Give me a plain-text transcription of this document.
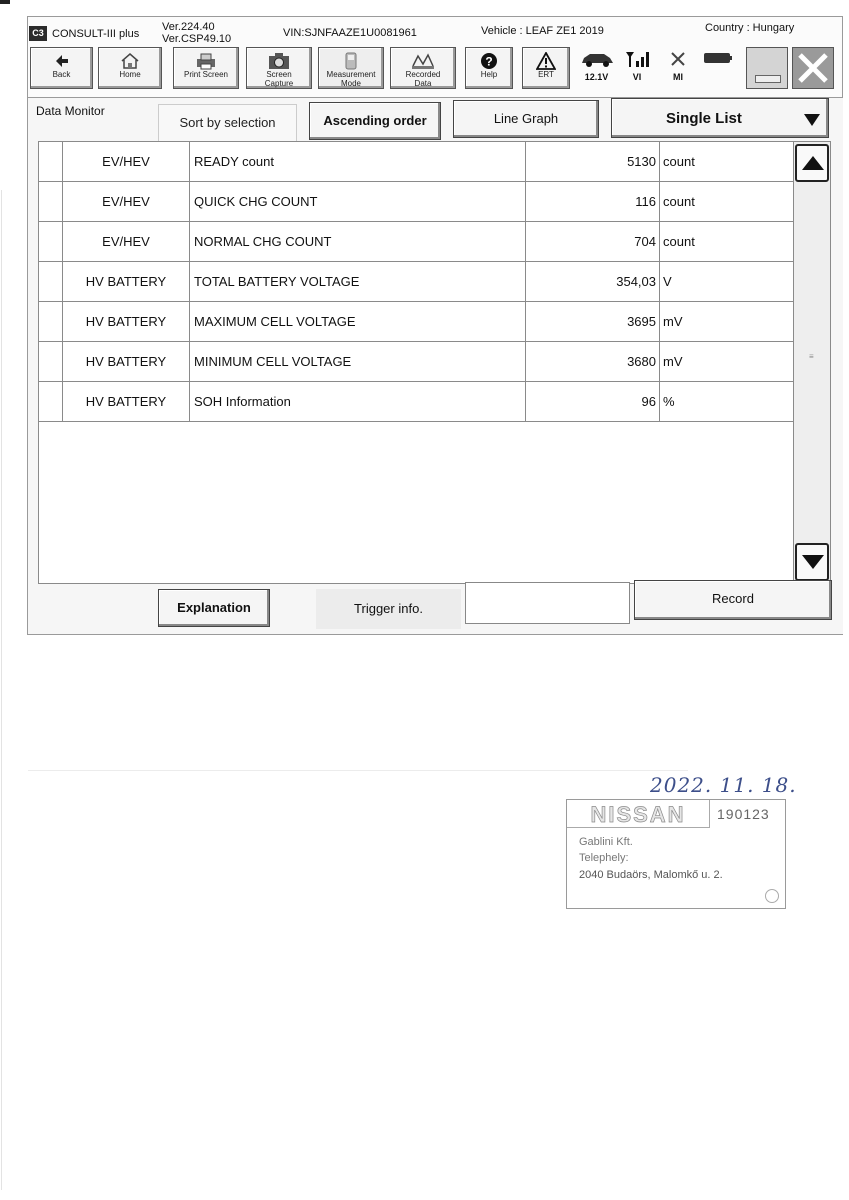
C3 CONSULT-III plus
Ver.224.40
Ver.CSP49.10	VIN:SJNFAAZE1U0081961	Vehicle : LEAF ZE1 2019	Country : Hungary
Back	Home	Print Screen	Screen
Capture
Measurement
Mode
Recorded
Data
?
Help	ERT	12.1V	VI	MI
Data Monitor
Sort by selection	Ascending order	Line Graph	Single List
EV/HEV	READY count	5130 count
EV/HEV	QUICK CHG COUNT	116 count
EV/HEV	NORMAL CHG COUNT	704 count
HV BATTERY	TOTAL BATTERY VOLTAGE	354,03 V
HV BATTERY	MAXIMUM CELL VOLTAGE	3695 mV
HV BATTERY	MINIMUM CELL VOLTAGE	3680 mV
HV BATTERY	SOH Information	96 %
≡
Explanation	Trigger info.
Record
2022. 11. 18.
NISSAN 190123
Gablini Kft.
Telephely:
2040 Budaörs, Malomkő u. 2.
